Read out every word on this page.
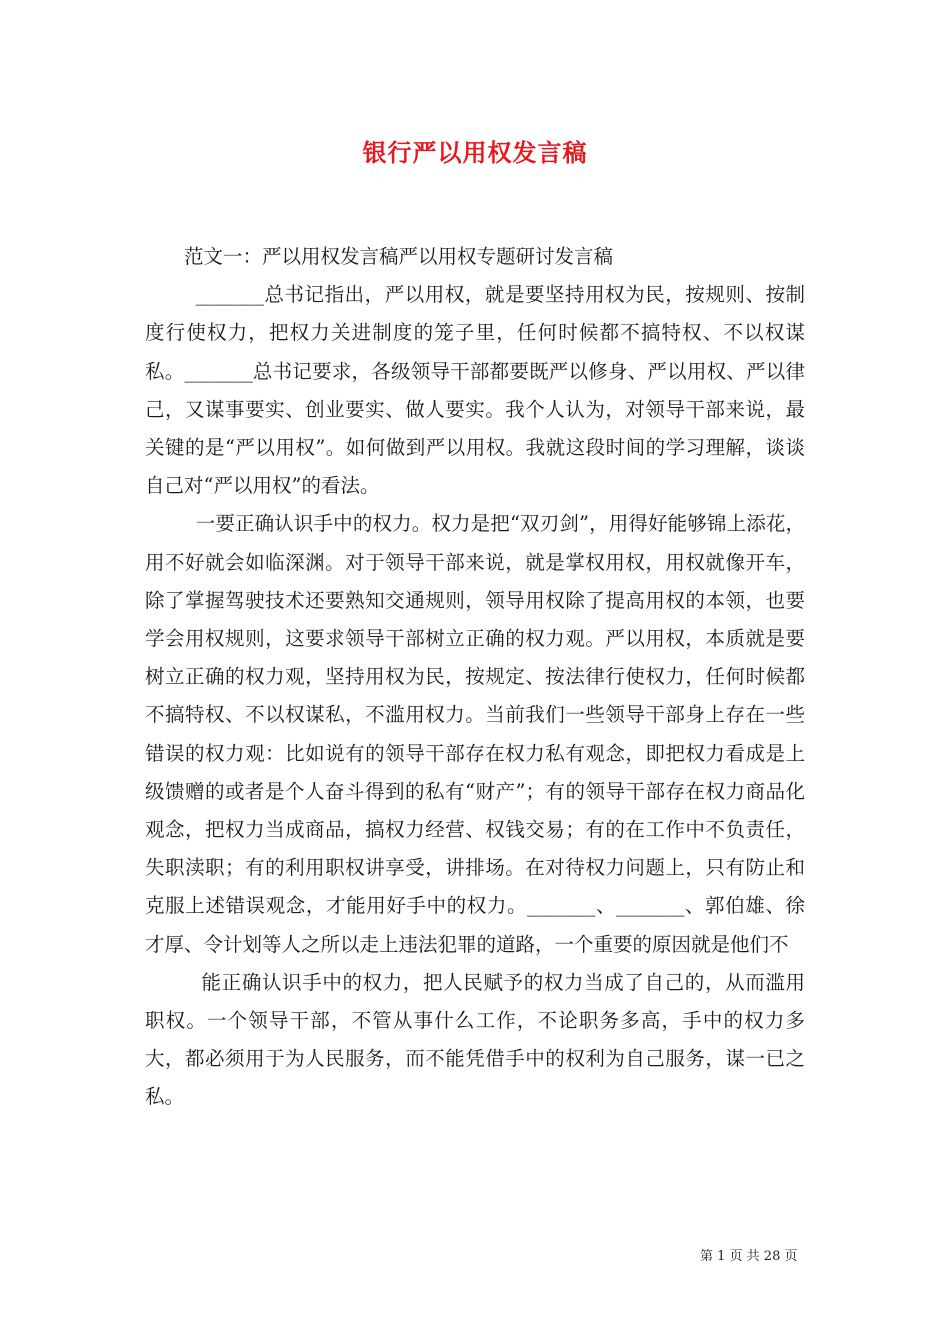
银行严以用权发言稿

范文一：严以用权发言稿严以用权专题研讨发言稿

_______总书记指出，严以用权，就是要坚持用权为民，按规则、按制度行使权力，把权力关进制度的笼子里，任何时候都不搞特权、不以权谋私。_______总书记要求，各级领导干部都要既严以修身、严以用权、严以律己，又谋事要实、创业要实、做人要实。我个人认为，对领导干部来说，最关键的是“严以用权”。如何做到严以用权。我就这段时间的学习理解，谈谈自己对“严以用权”的看法。

一要正确认识手中的权力。权力是把“双刃剑”，用得好能够锦上添花，用不好就会如临深渊。对于领导干部来说，就是掌权用权，用权就像开车，除了掌握驾驶技术还要熟知交通规则，领导用权除了提高用权的本领，也要学会用权规则，这要求领导干部树立正确的权力观。严以用权，本质就是要树立正确的权力观，坚持用权为民，按规定、按法律行使权力，任何时候都不搞特权、不以权谋私，不滥用权力。当前我们一些领导干部身上存在一些错误的权力观：比如说有的领导干部存在权力私有观念，即把权力看成是上级馈赠的或者是个人奋斗得到的私有“财产”；有的领导干部存在权力商品化观念，把权力当成商品，搞权力经营、权钱交易；有的在工作中不负责任，失职渎职；有的利用职权讲享受，讲排场。在对待权力问题上，只有防止和克服上述错误观念，才能用好手中的权力。_______、_______、郭伯雄、徐才厚、令计划等人之所以走上违法犯罪的道路，一个重要的原因就是他们不

能正确认识手中的权力，把人民赋予的权力当成了自己的，从而滥用职权。一个领导干部，不管从事什么工作，不论职务多高，手中的权力多大，都必须用于为人民服务，而不能凭借手中的权利为自己服务，谋一已之私。

第 1 页 共 28 页
